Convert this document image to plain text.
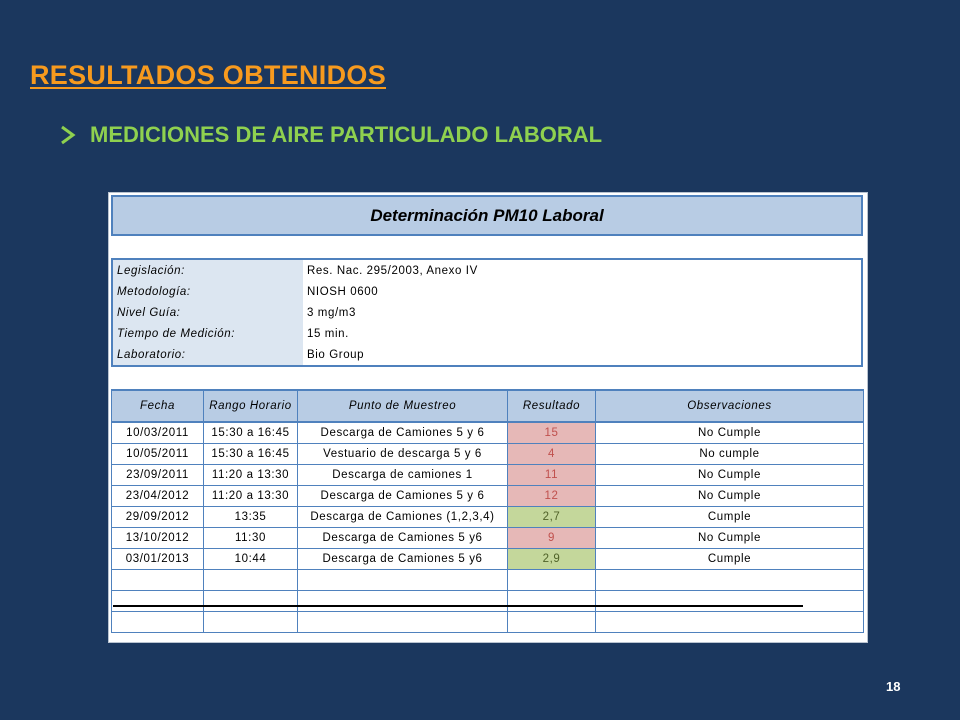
RESULTADOS OBTENIDOS
MEDICIONES DE AIRE PARTICULADO LABORAL
Determinación PM10 Laboral
Legislación:	Res. Nac. 295/2003, Anexo IV
Metodología:	NIOSH 0600
Nivel Guía:	3 mg/m3
Tiempo de Medición:	15 min.
Laboratorio:	Bio Group
Fecha	Rango Horario	Punto de Muestreo	Resultado	Observaciones
10/03/2011	15:30 a 16:45	Descarga de Camiones 5 y 6	15	No Cumple
10/05/2011	15:30 a 16:45	Vestuario de descarga 5 y 6	4	No cumple
23/09/2011	11:20 a 13:30	Descarga de camiones 1	11	No Cumple
23/04/2012	11:20 a 13:30	Descarga de Camiones 5 y 6	12	No Cumple
29/09/2012	13:35	Descarga de Camiones (1,2,3,4)	2,7	Cumple
13/10/2012	11:30	Descarga de Camiones 5 y6	9	No Cumple
03/01/2013	10:44	Descarga de Camiones 5 y6	2,9	Cumple

18
